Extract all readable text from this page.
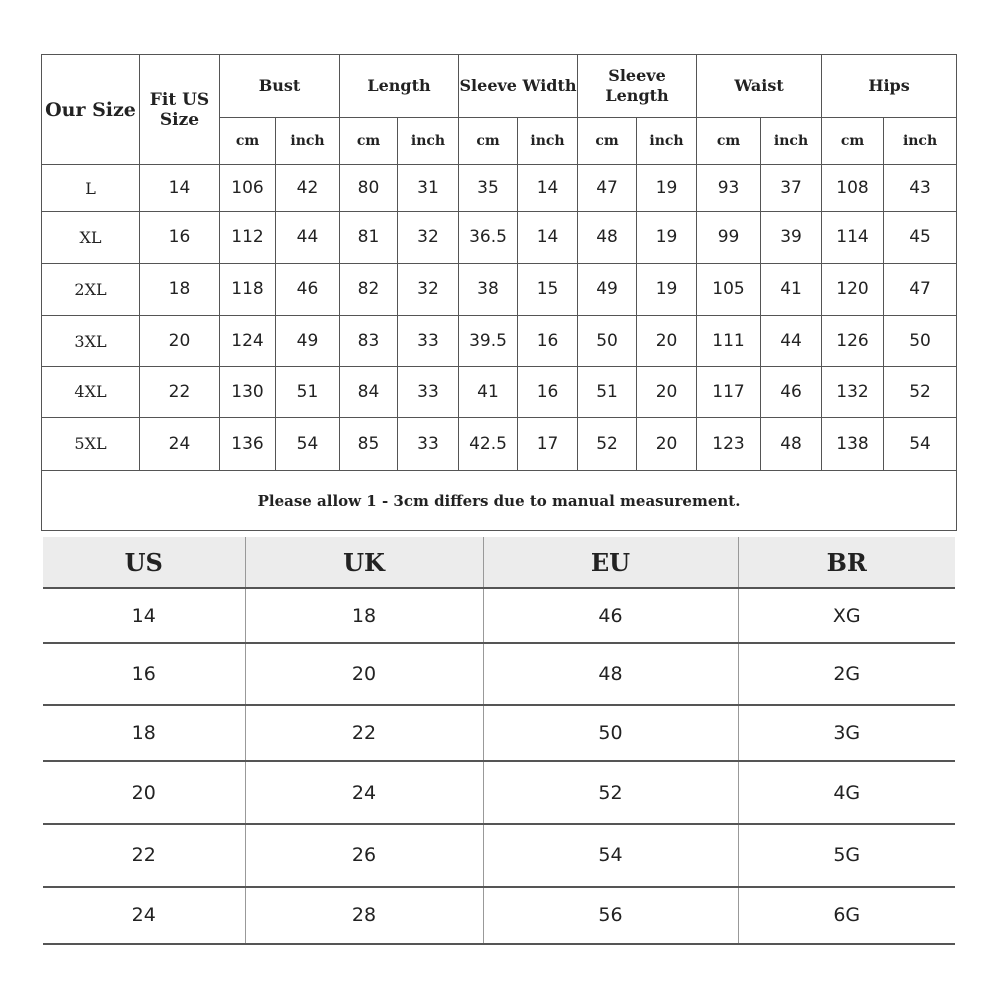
Our Size	Fit US Size	Bust		Length		Sleeve Width		Sleeve Length		Waist		Hips	
		cm	inch	cm	inch	cm	inch	cm	inch	cm	inch	cm	inch
L	14	106	42	80	31	35	14	47	19	93	37	108	43
XL	16	112	44	81	32	36.5	14	48	19	99	39	114	45
2XL	18	118	46	82	32	38	15	49	19	105	41	120	47
3XL	20	124	49	83	33	39.5	16	50	20	111	44	126	50
4XL	22	130	51	84	33	41	16	51	20	117	46	132	52
5XL	24	136	54	85	33	42.5	17	52	20	123	48	138	54
Please allow 1 - 3cm differs due to manual measurement.													
US	UK	EU	BR
14	18	46	XG
16	20	48	2G
18	22	50	3G
20	24	52	4G
22	26	54	5G
24	28	56	6G
